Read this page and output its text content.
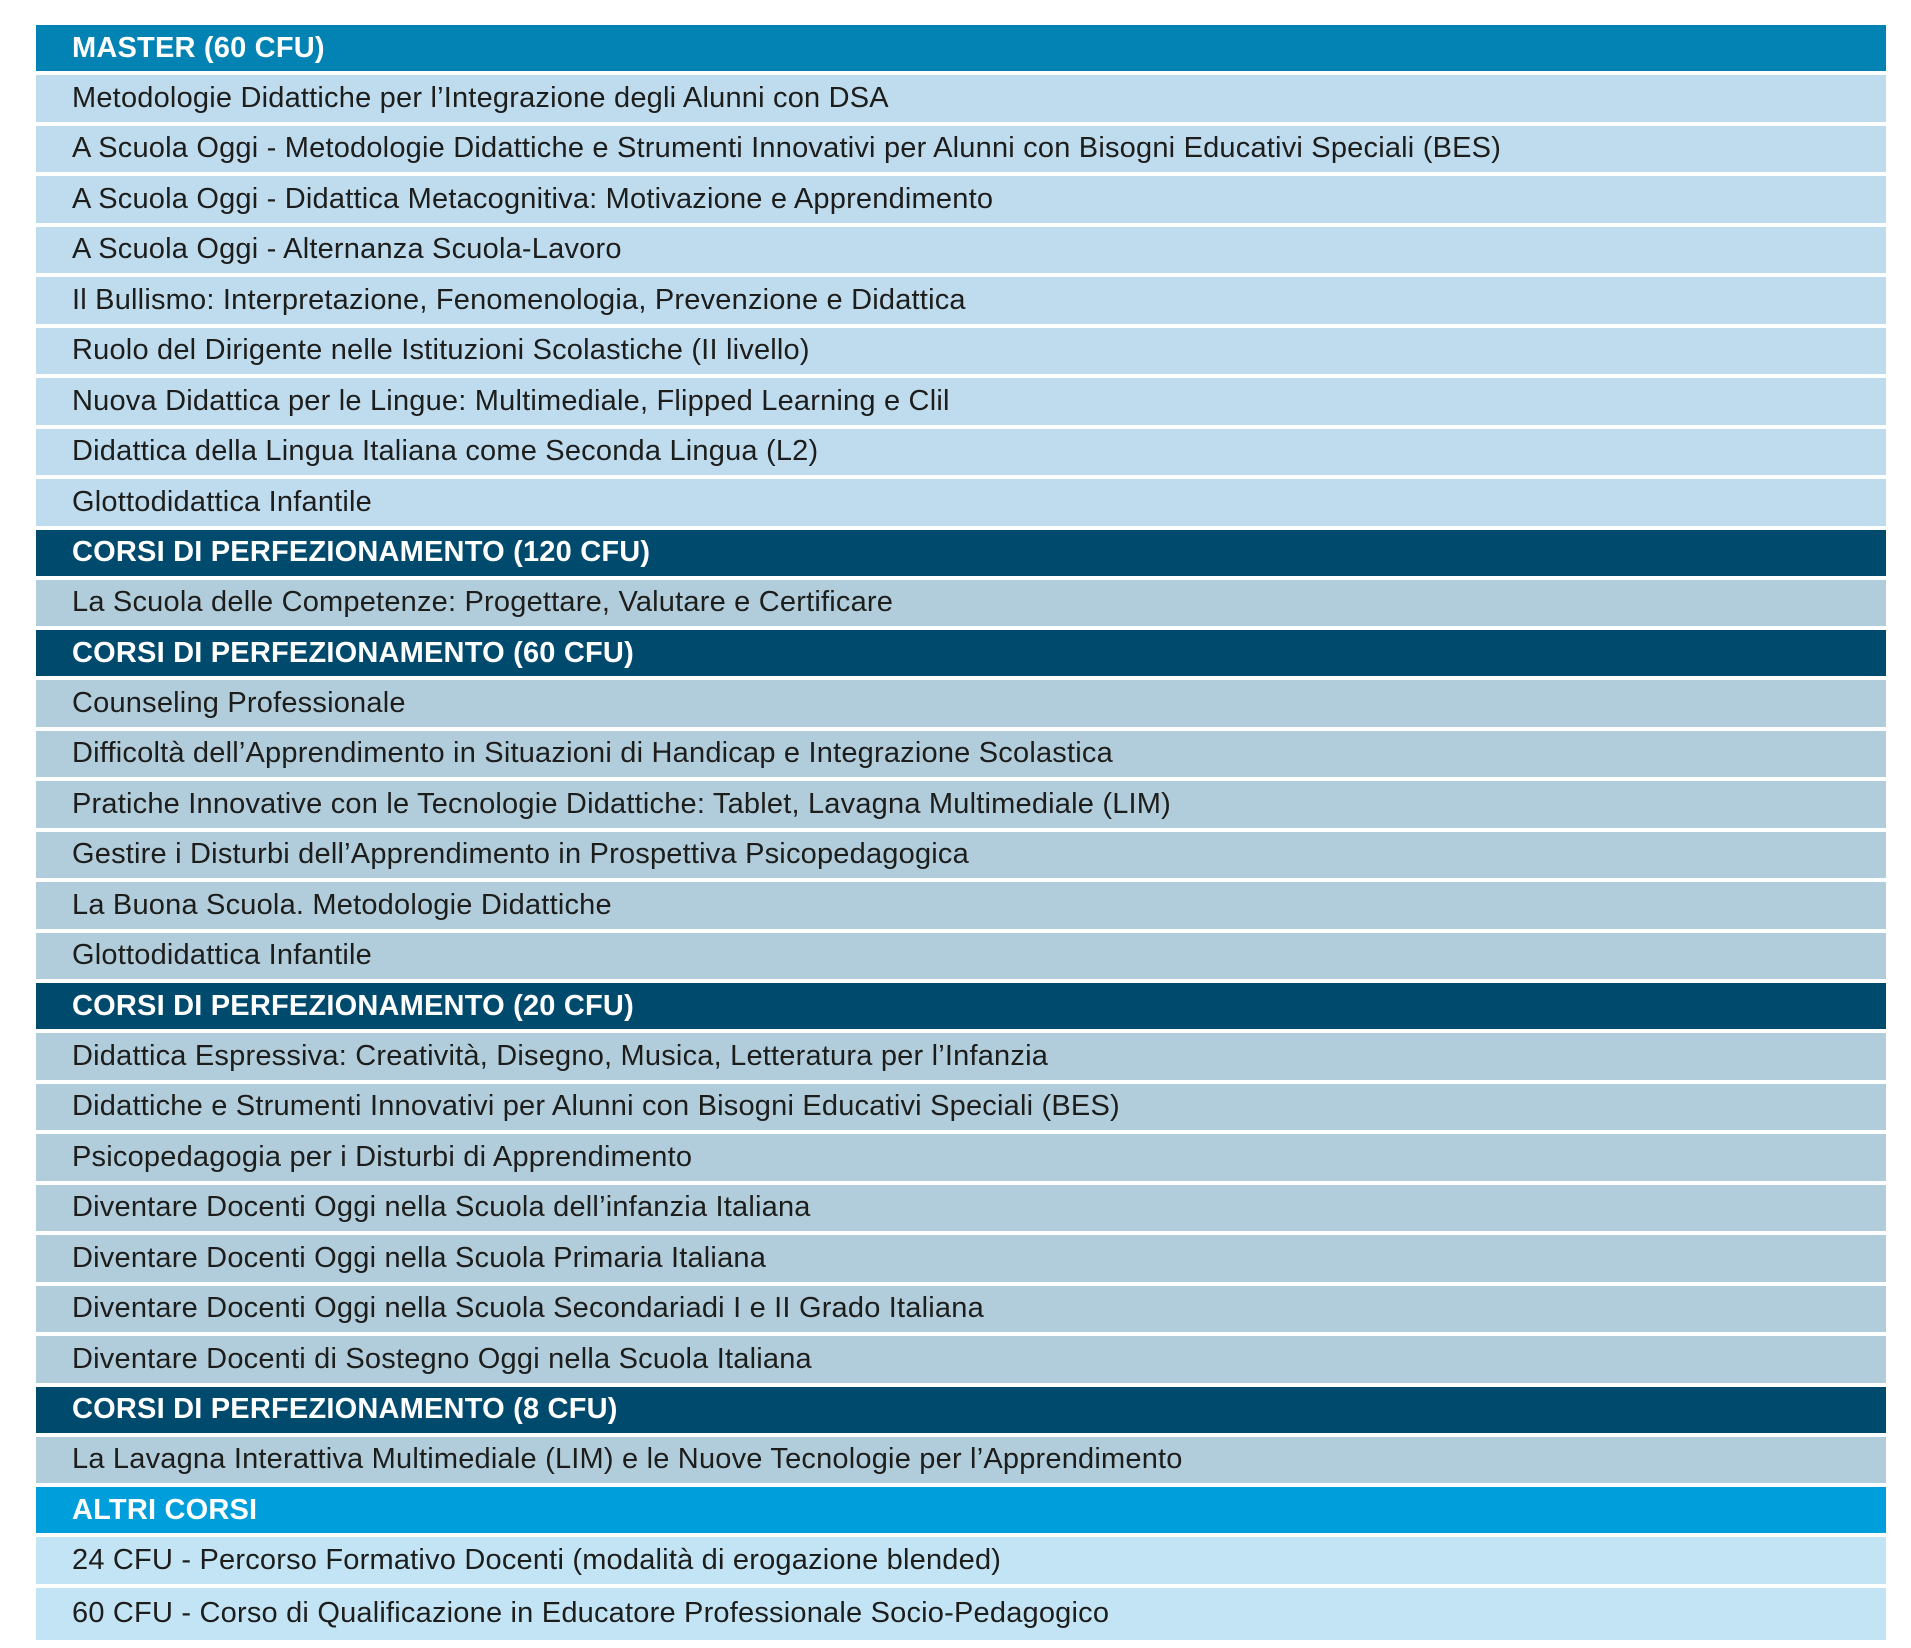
MASTER (60 CFU)
Metodologie Didattiche per l’Integrazione degli Alunni con DSA
A Scuola Oggi - Metodologie Didattiche e Strumenti Innovativi per Alunni con Bisogni Educativi Speciali (BES)
A Scuola Oggi - Didattica Metacognitiva: Motivazione e Apprendimento
A Scuola Oggi - Alternanza Scuola-Lavoro
Il Bullismo: Interpretazione, Fenomenologia, Prevenzione e Didattica
Ruolo del Dirigente nelle Istituzioni Scolastiche (II livello)
Nuova Didattica per le Lingue: Multimediale, Flipped Learning e Clil
Didattica della Lingua Italiana come Seconda Lingua (L2)
Glottodidattica Infantile
CORSI DI PERFEZIONAMENTO (120 CFU)
La Scuola delle Competenze: Progettare, Valutare e Certificare
CORSI DI PERFEZIONAMENTO (60 CFU)
Counseling Professionale
Difficoltà dell’Apprendimento in Situazioni di Handicap e Integrazione Scolastica
Pratiche Innovative con le Tecnologie Didattiche: Tablet, Lavagna Multimediale (LIM)
Gestire i Disturbi dell’Apprendimento in Prospettiva Psicopedagogica
La Buona Scuola. Metodologie Didattiche
Glottodidattica Infantile
CORSI DI PERFEZIONAMENTO (20 CFU)
Didattica Espressiva: Creatività, Disegno, Musica, Letteratura per l’Infanzia
Didattiche e Strumenti Innovativi per Alunni con Bisogni Educativi Speciali (BES)
Psicopedagogia per i Disturbi di Apprendimento
Diventare Docenti Oggi nella Scuola dell’infanzia Italiana
Diventare Docenti Oggi nella Scuola Primaria Italiana
Diventare Docenti Oggi nella Scuola Secondariadi I e II Grado Italiana
Diventare Docenti di Sostegno Oggi nella Scuola Italiana
CORSI DI PERFEZIONAMENTO (8 CFU)
La Lavagna Interattiva Multimediale (LIM) e le Nuove Tecnologie per l’Apprendimento
ALTRI CORSI
24 CFU - Percorso Formativo Docenti (modalità di erogazione blended)
60 CFU - Corso di Qualificazione in Educatore Professionale Socio-Pedagogico
